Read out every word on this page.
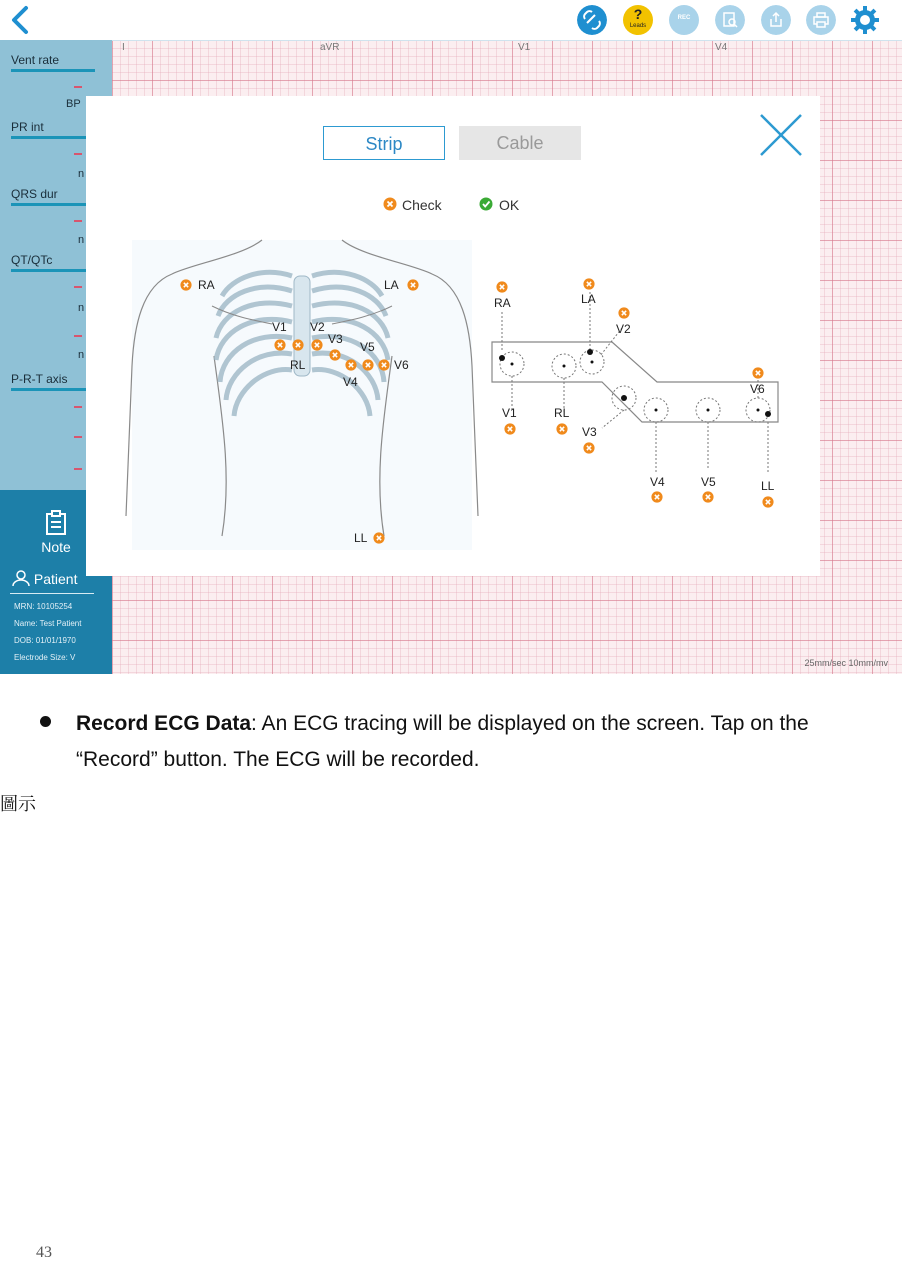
I	aVR	V1	V4
25mm/sec 10mm/mv
?
Leads
REC
Vent rate
BP
PR int
n
QRS dur
n
QT/QTc
n
n
P-R-T axis
Note
Patient
MRN: 10105254
Name: Test Patient
DOB: 01/01/1970
Electrode Size: V
Strip	Cable
Check	OK
RA	LA
V1 V2
V3
V5
RL	V6
V4
LL
RA	LA
V2
V1	RL
V3
V6
V4	V5	LL
Record ECG Data: An ECG tracing will be displayed on the screen. Tap on the “Record” button. The ECG will be recorded.
圖示
43
